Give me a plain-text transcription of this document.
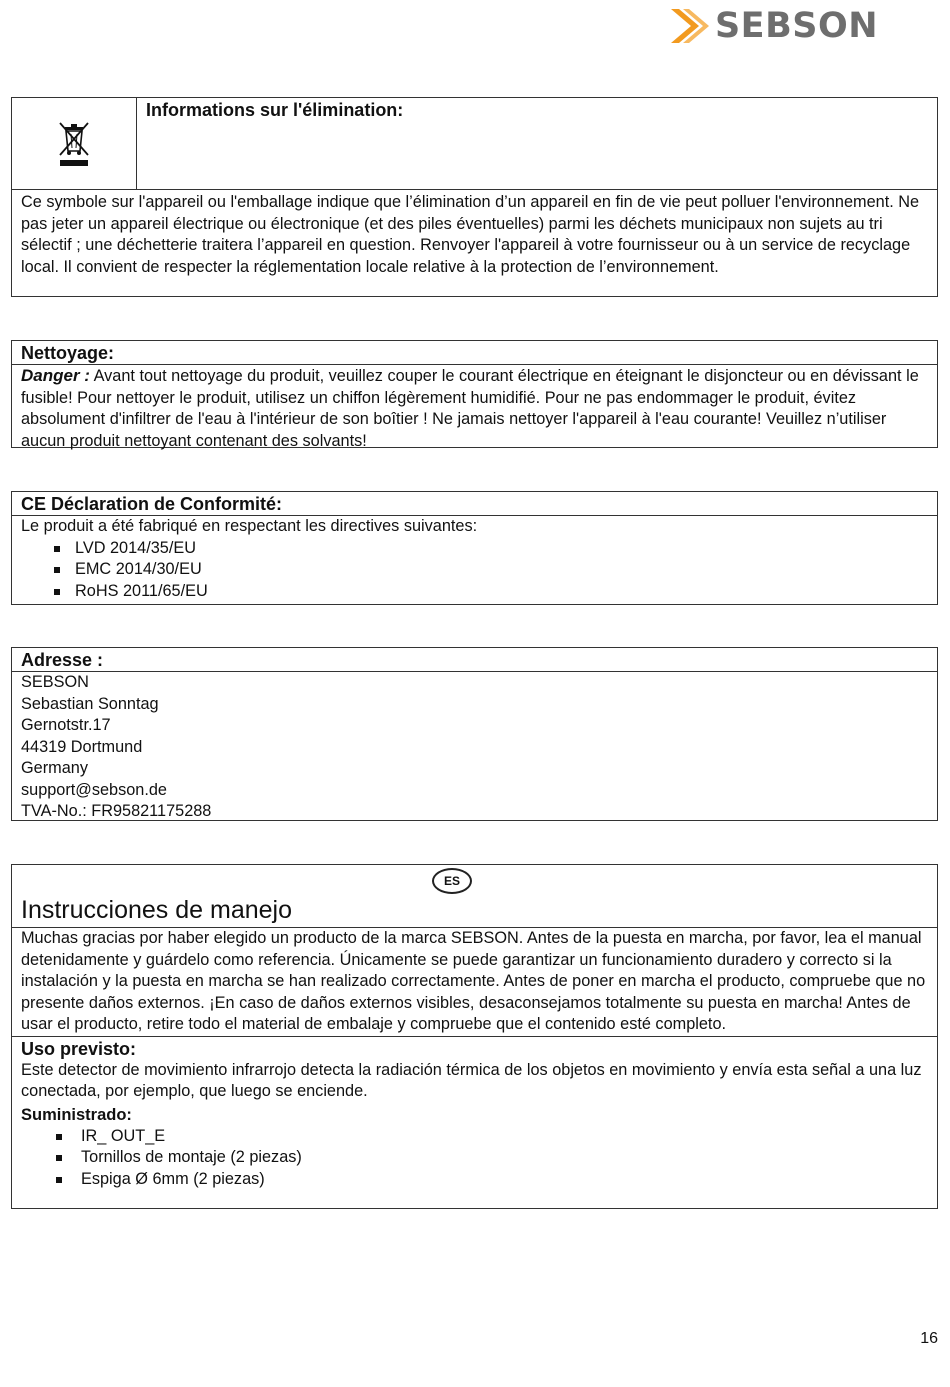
SEBSON
Informations sur l'élimination:
Ce symbole sur l'appareil ou l'emballage indique que l’élimination d’un appareil en fin de vie peut polluer l'environnement. Ne pas jeter un appareil électrique ou électronique (et des piles éventuelles) parmi les déchets municipaux non sujets au tri sélectif ; une déchetterie traitera l’appareil en question. Renvoyer l'appareil à votre fournisseur ou à un service de recyclage local. Il convient de respecter la réglementation locale relative à la protection de l’environnement.
Nettoyage:
Danger : Avant tout nettoyage du produit, veuillez couper le courant électrique en éteignant le disjoncteur ou en dévissant le fusible! Pour nettoyer le produit, utilisez un chiffon légèrement humidifié. Pour ne pas endommager le produit, évitez absolument d'infiltrer de l'eau à l'intérieur de son boîtier ! Ne jamais nettoyer l'appareil à l'eau courante! Veuillez n’utiliser aucun produit nettoyant contenant des solvants!
CE Déclaration de Conformité:
Le produit a été fabriqué en respectant les directives suivantes:
LVD 2014/35/EU
EMC 2014/30/EU
RoHS 2011/65/EU
Adresse :
SEBSON
Sebastian Sonntag
Gernotstr.17
44319 Dortmund
Germany
support@sebson.de
TVA-No.: FR95821175288
ES
Instrucciones de manejo
Muchas gracias por haber elegido un producto de la marca SEBSON. Antes de la puesta en marcha, por favor, lea el manual detenidamente y guárdelo como referencia. Únicamente se puede garantizar un funcionamiento duradero y correcto si la instalación y la puesta en marcha se han realizado correctamente. Antes de poner en marcha el producto, compruebe que no presente daños externos. ¡En caso de daños externos visibles, desaconsejamos totalmente su puesta en marcha! Antes de usar el producto, retire todo el material de embalaje y compruebe que el contenido esté completo.
Uso previsto:
Este detector de movimiento infrarrojo detecta la radiación térmica de los objetos en movimiento y envía esta señal a una luz conectada, por ejemplo, que luego se enciende.
Suministrado:
IR_ OUT_E
Tornillos de montaje (2 piezas)
Espiga Ø 6mm (2 piezas)
16
